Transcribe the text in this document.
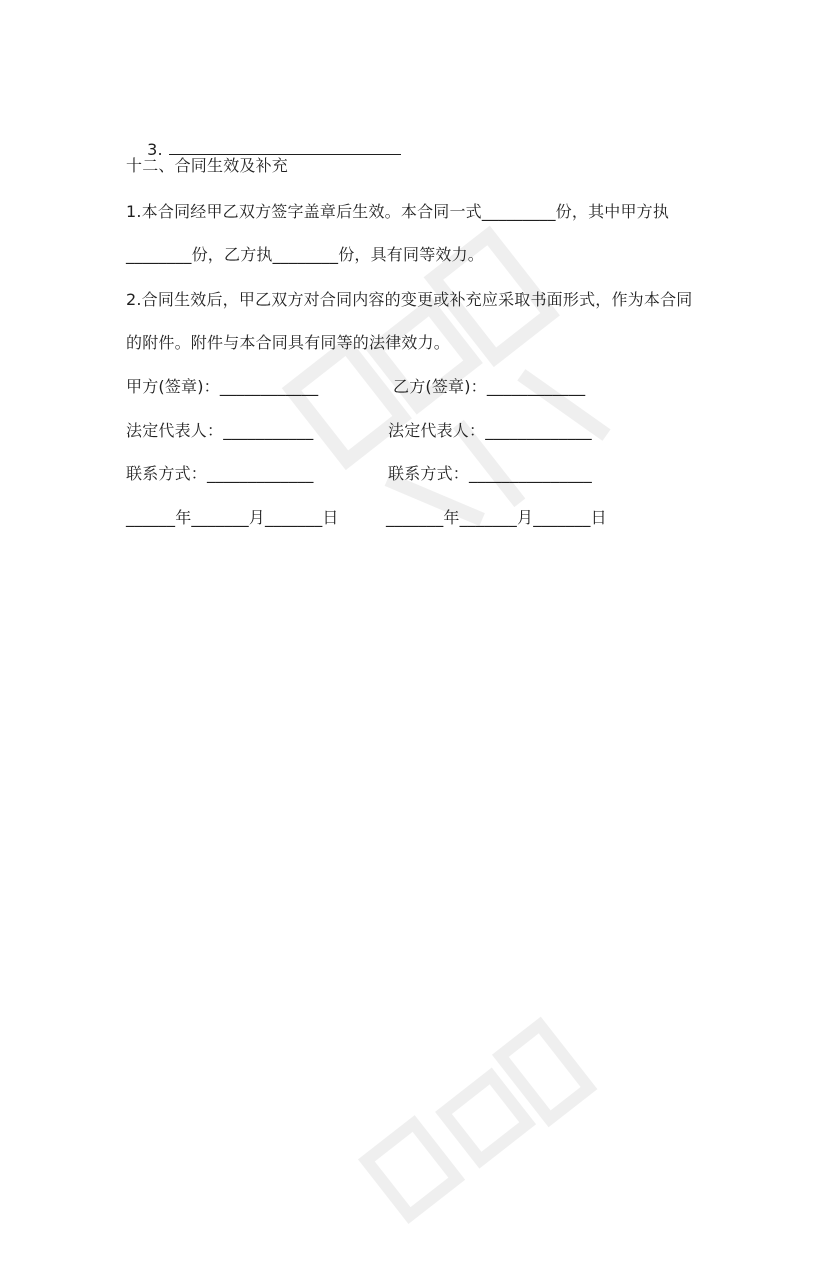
3.

十二、合同生效及补充
1.本合同经甲乙双方签字盖章后生效。本合同一式_________份，其中甲方执
________份，乙方执________份，具有同等效力。
2.合同生效后，甲乙双方对合同内容的变更或补充应采取书面形式，作为本合同
的附件。附件与本合同具有同等的法律效力。
甲方(签章)：____________	乙方(签章)：____________
法定代表人：___________	法定代表人：_____________
联系方式：_____________	联系方式：_______________
______年_______月_______日	_______年_______月_______日
